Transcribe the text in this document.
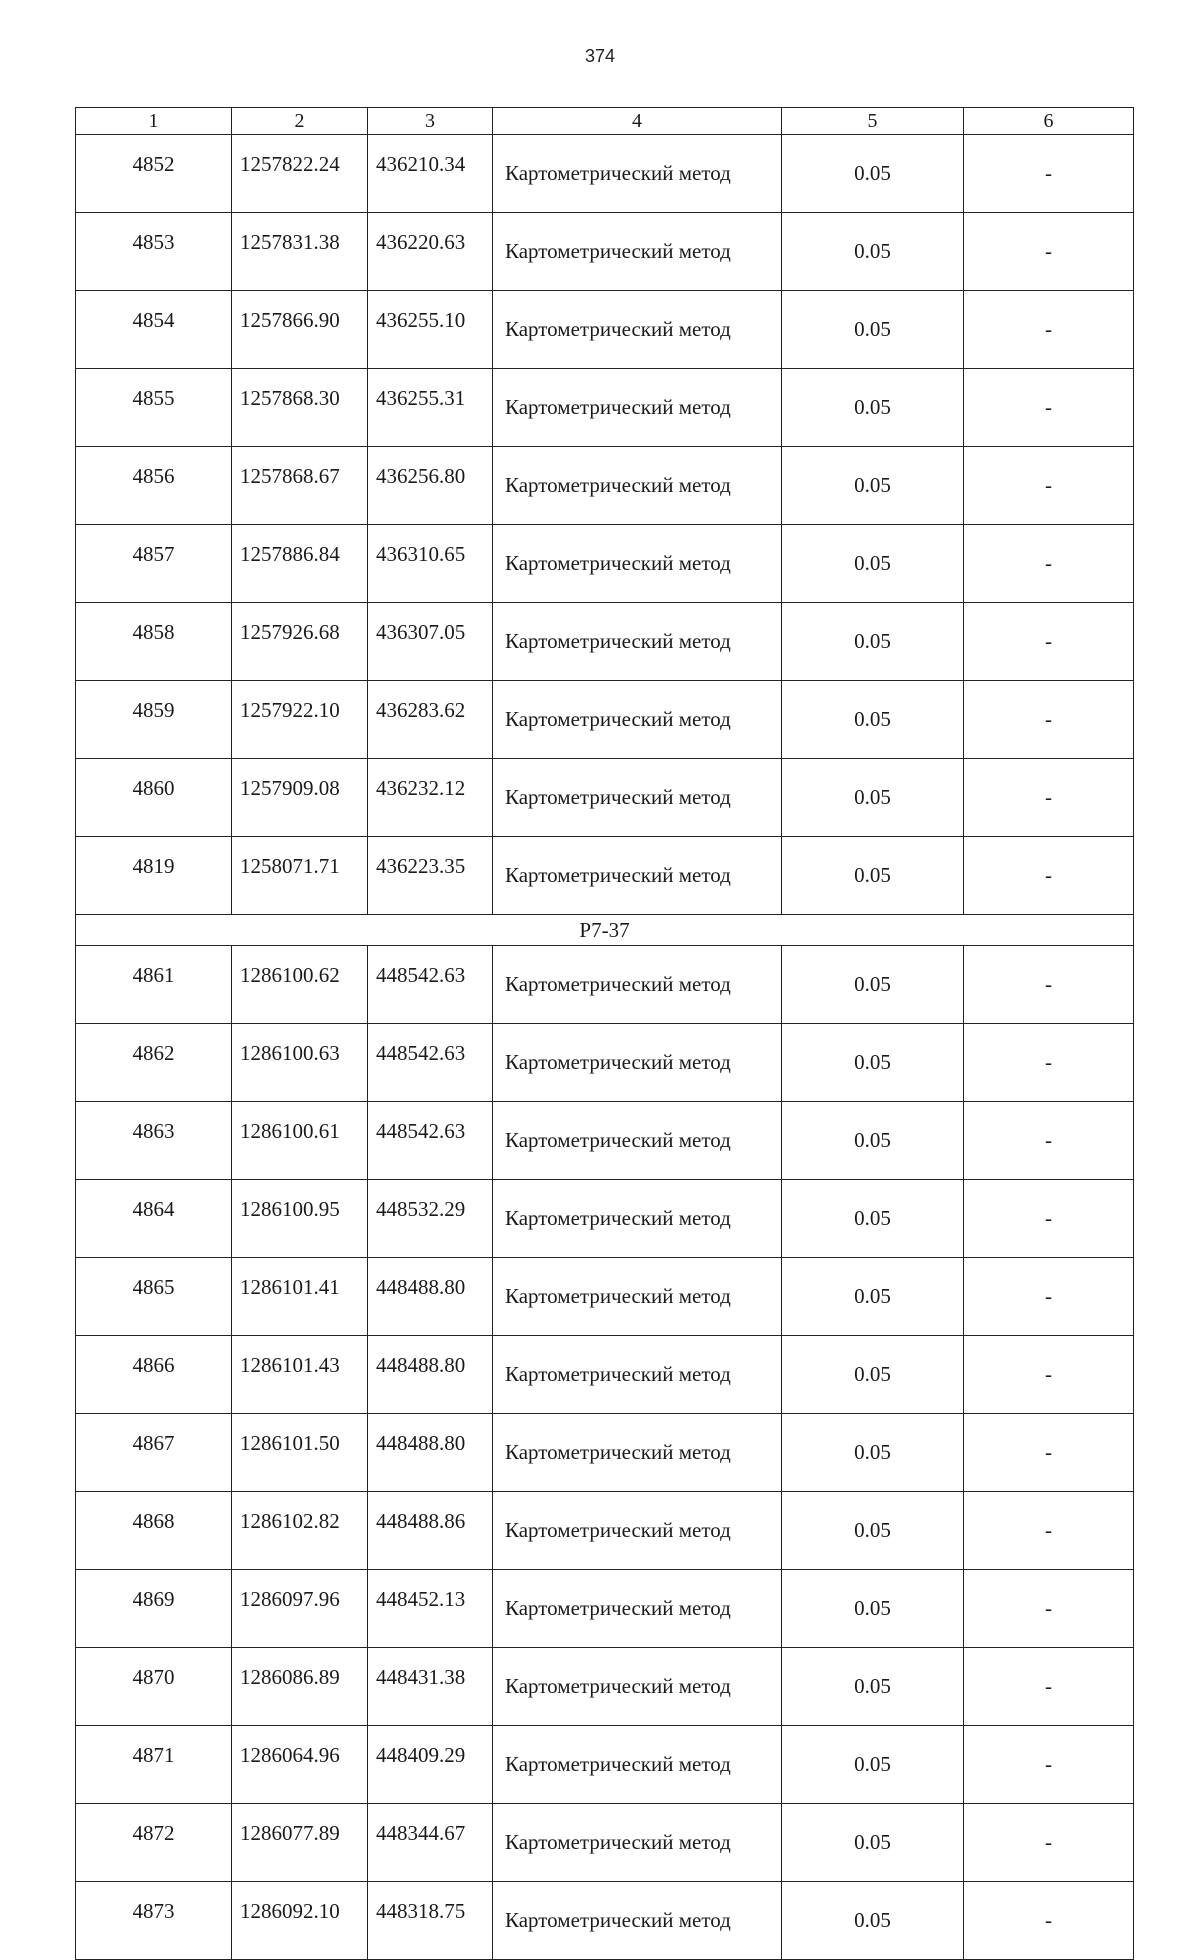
374
1	2	3	4	5	6
4852	1257822.24	436210.34	Картометрический метод	0.05	-
4853	1257831.38	436220.63	Картометрический метод	0.05	-
4854	1257866.90	436255.10	Картометрический метод	0.05	-
4855	1257868.30	436255.31	Картометрический метод	0.05	-
4856	1257868.67	436256.80	Картометрический метод	0.05	-
4857	1257886.84	436310.65	Картометрический метод	0.05	-
4858	1257926.68	436307.05	Картометрический метод	0.05	-
4859	1257922.10	436283.62	Картометрический метод	0.05	-
4860	1257909.08	436232.12	Картометрический метод	0.05	-
4819	1258071.71	436223.35	Картометрический метод	0.05	-
Р7-37					
4861	1286100.62	448542.63	Картометрический метод	0.05	-
4862	1286100.63	448542.63	Картометрический метод	0.05	-
4863	1286100.61	448542.63	Картометрический метод	0.05	-
4864	1286100.95	448532.29	Картометрический метод	0.05	-
4865	1286101.41	448488.80	Картометрический метод	0.05	-
4866	1286101.43	448488.80	Картометрический метод	0.05	-
4867	1286101.50	448488.80	Картометрический метод	0.05	-
4868	1286102.82	448488.86	Картометрический метод	0.05	-
4869	1286097.96	448452.13	Картометрический метод	0.05	-
4870	1286086.89	448431.38	Картометрический метод	0.05	-
4871	1286064.96	448409.29	Картометрический метод	0.05	-
4872	1286077.89	448344.67	Картометрический метод	0.05	-
4873	1286092.10	448318.75	Картометрический метод	0.05	-
